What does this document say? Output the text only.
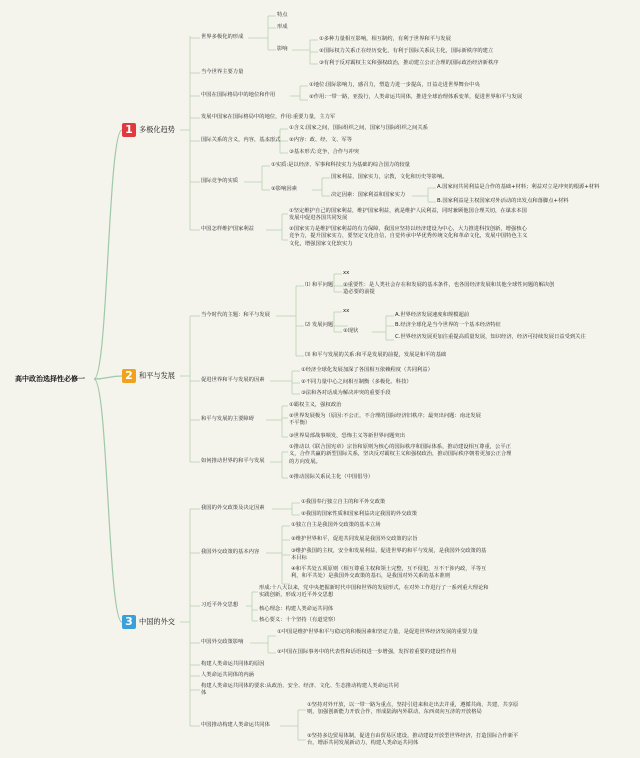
高中政治选择性必修一
1 多极化趋势
2 和平与发展
3 中国的外交
世界多极化的形成
特点
形成
影响
①多种力量相互影响，相互制约，有利于世界和平与发展
②国际权力关系正在经历变化，有利于国际关系民主化，国际新秩序的建立
③有利于反对霸权主义和强权政治，推动建立公正合理的国际政治经济新秩序
当今世界主要力量
中国在国际格局中的地位和作用
①地位:国际影响力，感召力，塑造力进一步提高，日益走进世界舞台中央
②作用:一带一路，亚投行，人类命运共同体，推进全球治理体系变革，促进世界和平与发展
发展中国家在国际格局中的地位，作用:重要力量，主力军
国际关系的含义，内容，基本形式
①含义:国家之间，国际组织之间，国家与国际组织之间关系
②内容：政、经、文、军等
③基本形式:竞争，合作与冲突
国际竞争的实质
①实质:是以经济、军事和科技实力为基础的综合国力的较量
②影响因素
国家利益，国家实力，宗教，文化和历史等影响。
决定因素：国家利益和国家实力
A.国家间共同利益是合作的基础+材料；利益对立是冲突的根源+材料
B.国家利益是主权国家对外活动的出发点和落脚点+材料
中国怎样维护国家利益
①坚定维护自己的国家利益，维护国家利益，就是维护人民利益，同时兼顾他国合理关切，在谋求本国发展中促进各国共同发展
②国家实力是维护国家利益的有力保障，我国应坚持以经济建设为中心，大力推进科技创新，增强核心竞争力，提升国家实力，要坚定文化自信，自觉传承中华优秀传统文化和革命文化，发展中国特色主义文化，增强国家文化软实力
当今时代的主题：和平与发展
⑴ 和平问题
xx
②重要性：是人类社会存在和发展的基本条件，也各国经济发展和其他全球性问题的解决创造必要的前提
⑵ 发展问题
xx
②现状
A.世界经济发展速度和规模超前
B.经济全球化是当今世界的一个基本经济特征
C.世界经济发展更加注重提高质量发展，知识经济，经济可持续发展日益受到关注
⑶ 和平与发展的关系:和平是发展的前提，发展是和平的基础
促进世界和平与发展的因素
①经济全球化发展加深了各国相互依赖程度（共同利益）
②不同力量中心之间相互制衡（多极化、科技）
③法和各对话成为解决冲突的重要手段
和平与发展的主要障碍
①霸权主义，强权政治
②世界发展极为（原因:不公正，不合理的国际经济旧秩序；最突出问题：南北发展不平衡）
③世界局部战事频发，恐怖主义等新世界问题突出
如何推动世界的和平与发展
①推动以《联合国宪章》宗旨和原则为核心的国际秩序和国际体系，推动建设相互尊重，公平正义，合作共赢的新型国际关系，坚决反对霸权主义和强权政治，推动国际秩序朝着更加公正合理的方向发展。
②推动国际关系民主化（中国倡导）
我国的外交政策及决定因素
①我国奉行独立自主的和平外交政策
②我国的国家性质和国家利益决定我国的外交政策
我国外交政策的基本内容
①独立自主是我国外交政策的基本立场
②维护世界和平，促进共同发展是我国外交政策的宗旨
③维护我国的主权，安全和发展利益，促进世界的和平与发展，是我国外交政策的基本目标
④和平共处五项原则（相互尊重主权和领土完整，互不侵犯，互不干涉内政，平等互利，和平共处）是我国外交政策的基石，是我国对外关系的基本准则
习近平外交思想
形成:十八大以来，党中央把握新时代中国和世界的发展形式，在对外工作进行了一系列重大理论和实践创新，形成习近平外交思想
核心理念：构建人类命运共同体
核心要义：十个坚持（有道觉察）
中国外交政策影响
①中国是维护世界和平与稳定的积极因素和坚定力量，是促进世界经济发展的重要力量
②中国在国际事务中的代表性和话语权进一步增强，发挥着重要的建设性作用
构建人类命运共同体的原因
人类命运共同体的内涵
构建人类命运共同体的要求:从政治、安全、经济、文化、生态推动构建人类命运共同体
中国推动构建人类命运共同体
①坚持对外开放，以一带一路为重点，坚持引进来和走出去并重，遵循共商、共建、共享原则，加强创新能力开放合作，形成陆海内外联动、东西双向互济的开放格局
②坚持多边贸易体制，促进自由贸易区建设，推动建设开放型世界经济，打造国际合作新平台，增添共同发展新动力，构建人类命运共同体
